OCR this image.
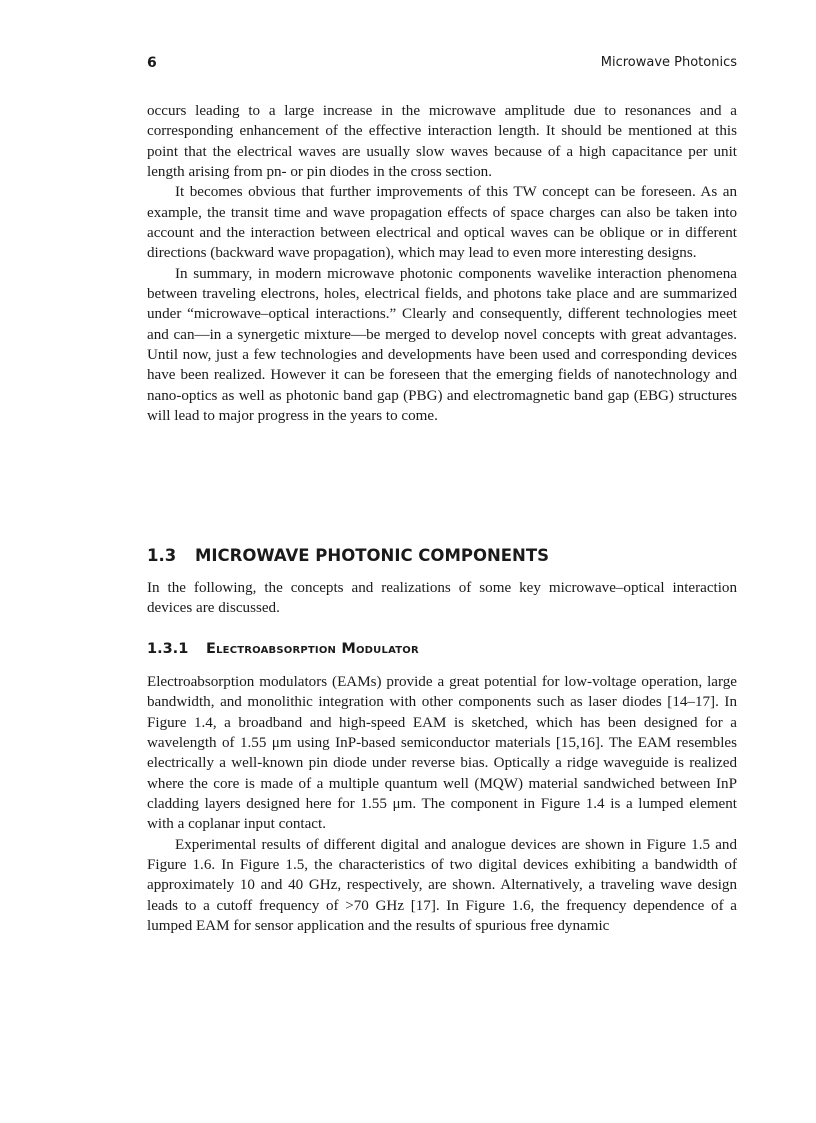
6	Microwave Photonics

occurs leading to a large increase in the microwave amplitude due to resonances and a corresponding enhancement of the effective interaction length. It should be mentioned at this point that the electrical waves are usually slow waves because of a high capacitance per unit length arising from pn- or pin diodes in the cross section.

It becomes obvious that further improvements of this TW concept can be foreseen. As an example, the transit time and wave propagation effects of space charges can also be taken into account and the interaction between electrical and optical waves can be oblique or in different directions (backward wave propagation), which may lead to even more interesting designs.

In summary, in modern microwave photonic components wavelike interaction phenomena between traveling electrons, holes, electrical fields, and photons take place and are summarized under “microwave–optical interactions.” Clearly and consequently, different technologies meet and can—in a synergetic mixture—be merged to develop novel concepts with great advantages. Until now, just a few technologies and developments have been used and corresponding devices have been realized. However it can be foreseen that the emerging fields of nanotechnology and nano-optics as well as photonic band gap (PBG) and electromagnetic band gap (EBG) structures will lead to major progress in the years to come.

1.3 MICROWAVE PHOTONIC COMPONENTS

In the following, the concepts and realizations of some key microwave–optical interaction devices are discussed.

1.3.1 Electroabsorption Modulator

Electroabsorption modulators (EAMs) provide a great potential for low-voltage operation, large bandwidth, and monolithic integration with other components such as laser diodes [14–17]. In Figure 1.4, a broadband and high-speed EAM is sketched, which has been designed for a wavelength of 1.55 μm using InP-based semiconductor materials [15,16]. The EAM resembles electrically a well-known pin diode under reverse bias. Optically a ridge waveguide is realized where the core is made of a multiple quantum well (MQW) material sandwiched between InP cladding layers designed here for 1.55 μm. The component in Figure 1.4 is a lumped element with a coplanar input contact.

Experimental results of different digital and analogue devices are shown in Figure 1.5 and Figure 1.6. In Figure 1.5, the characteristics of two digital devices exhibiting a bandwidth of approximately 10 and 40 GHz, respectively, are shown. Alternatively, a traveling wave design leads to a cutoff frequency of >70 GHz [17]. In Figure 1.6, the frequency dependence of a lumped EAM for sensor application and the results of spurious free dynamic
